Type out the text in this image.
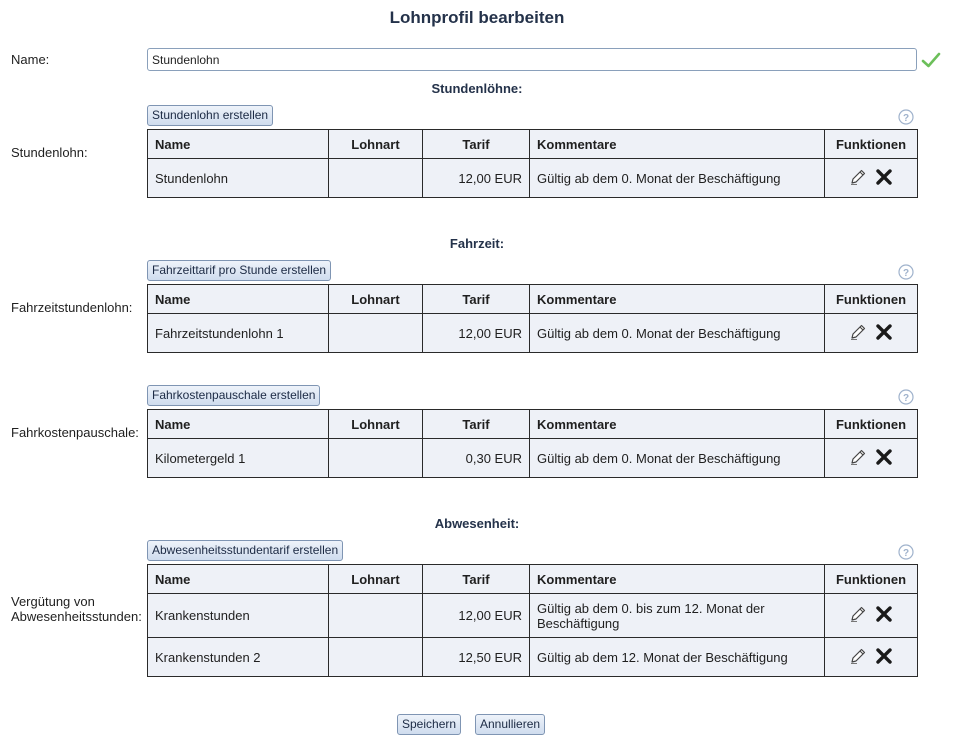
Lohnprofil bearbeiten
Name:
Stundenlohn
Stundenlöhne:
Stundenlohn erstellen	?
Stundenlohn:
Name	Lohnart	Tarif	Kommentare	Funktionen
Stundenlohn		12,00 EUR	Gültig ab dem 0. Monat der Beschäftigung	
Fahrzeit:
Fahrzeittarif pro Stunde erstellen	?
Fahrzeitstundenlohn:
Name	Lohnart	Tarif	Kommentare	Funktionen
Fahrzeitstundenlohn 1		12,00 EUR	Gültig ab dem 0. Monat der Beschäftigung	
Fahrkostenpauschale erstellen	?
Fahrkostenpauschale:
Name	Lohnart	Tarif	Kommentare	Funktionen
Kilometergeld 1		0,30 EUR	Gültig ab dem 0. Monat der Beschäftigung	
Abwesenheit:
Abwesenheitsstundentarif erstellen	?
Vergütung von
Abwesenheitsstunden:
Name	Lohnart	Tarif	Kommentare	Funktionen
Krankenstunden		12,00 EUR	Gültig ab dem 0. bis zum 12. Monat der Beschäftigung	

Krankenstunden 2		12,50 EUR	Gültig ab dem 12. Monat der Beschäftigung	
Speichern	Annullieren
